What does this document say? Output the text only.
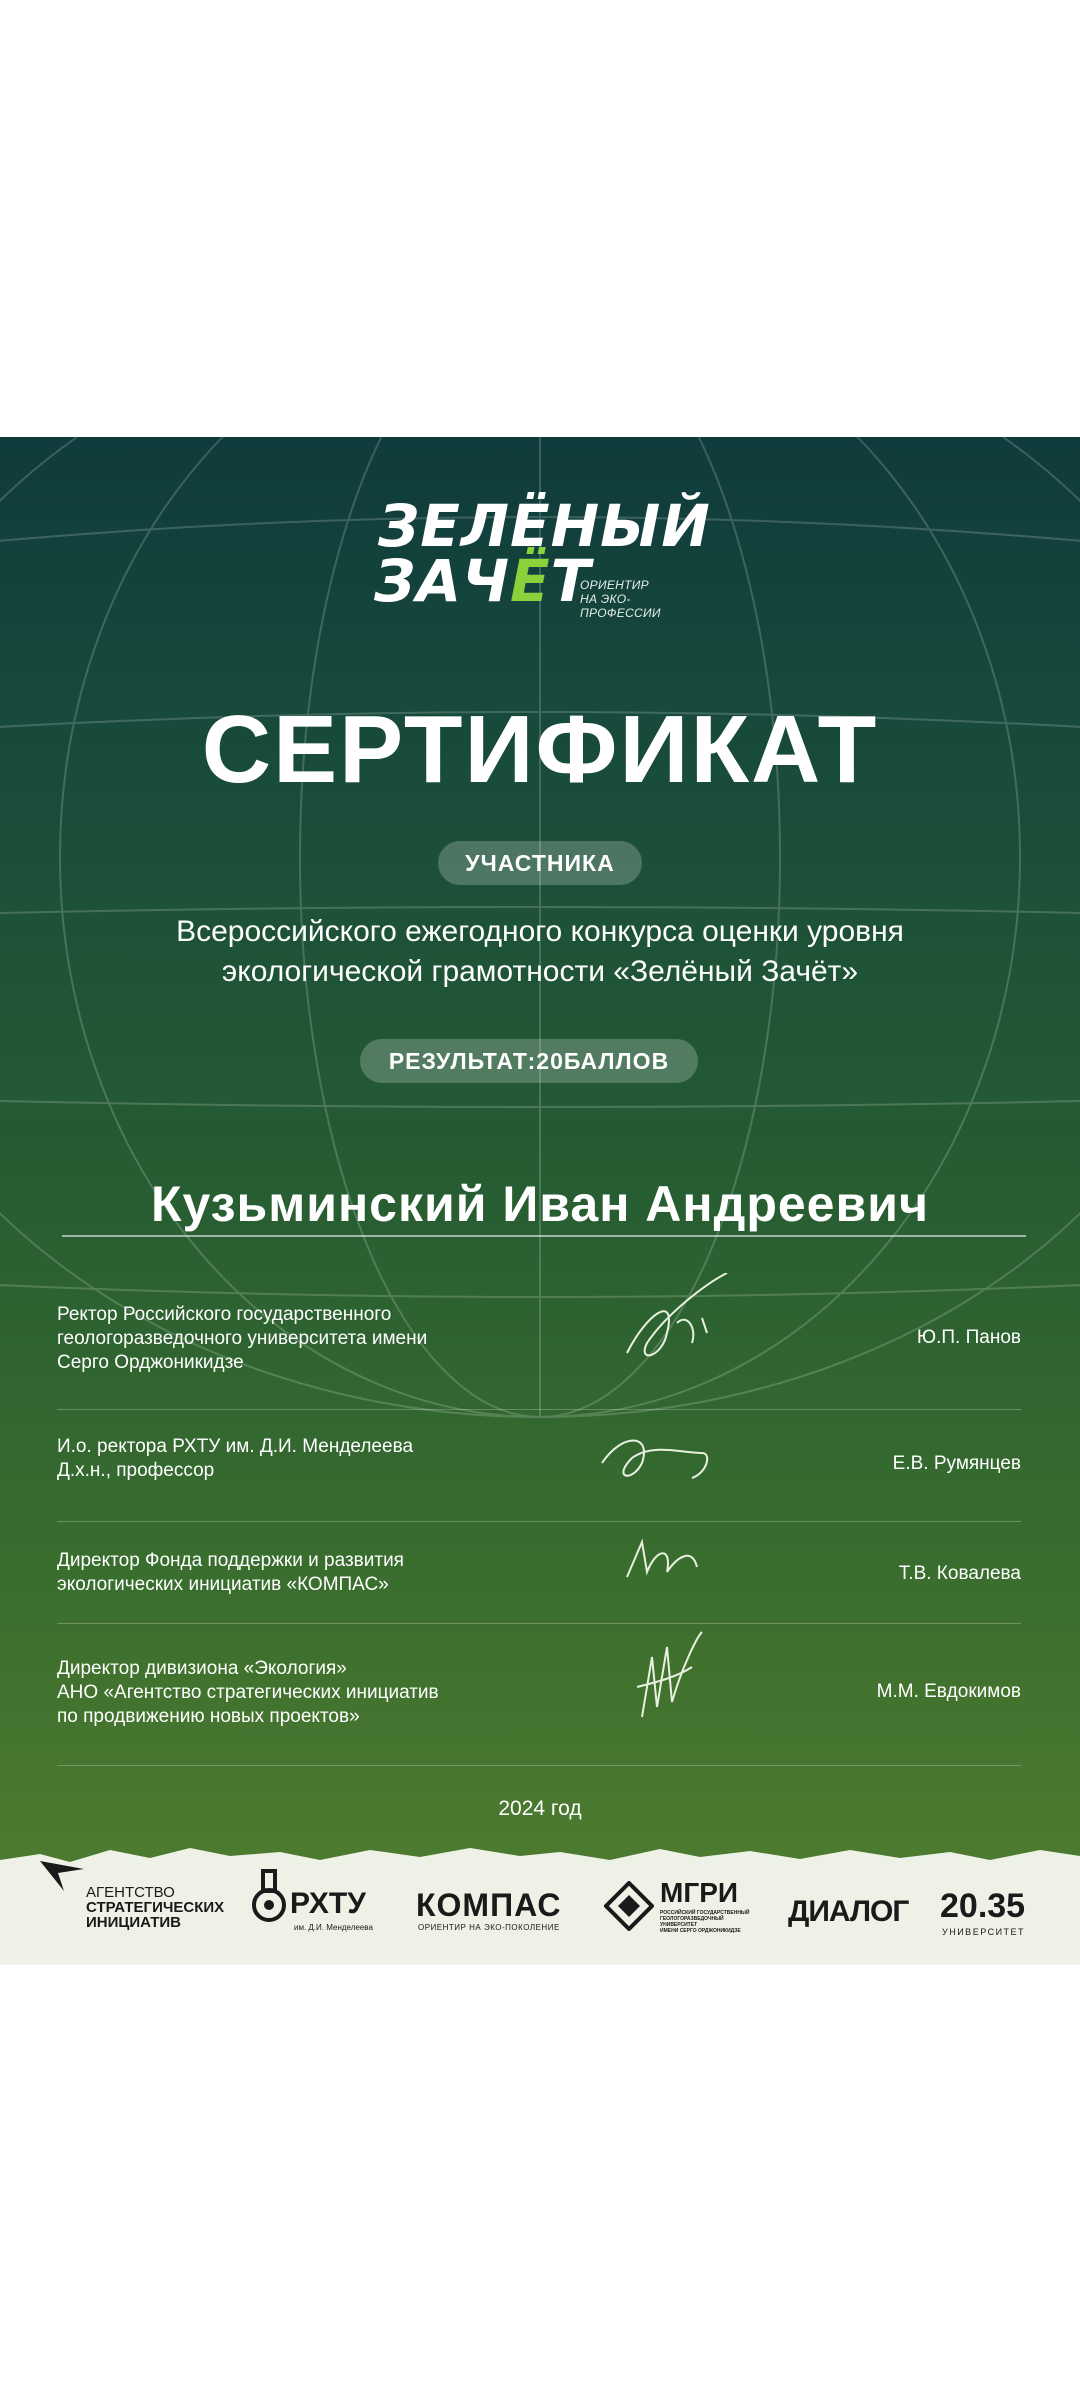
ЗЕЛЁНЫЙ
ЗАЧЁТ
ОРИЕНТИР
НА ЭКО-ПРОФЕССИИ
СЕРТИФИКАТ
УЧАСТНИКА
Всероссийского ежегодного конкурса оценки уровня
экологической грамотности «Зелёный Зачёт»
РЕЗУЛЬТАТ:20БАЛЛОВ
Кузьминский Иван Андреевич
Ректор Российского государственного
геологоразведочного университета имени
Серго Орджоникидзе
Ю.П. Панов
И.о. ректора РХТУ им. Д.И. Менделеева
Д.х.н., профессор	Е.В. Румянцев
Директор Фонда поддержки и развития
экологических инициатив «КОМПАС»
Т.В. Ковалева
Директор дивизиона «Экология»
АНО «Агентство стратегических инициатив
по продвижению новых проектов»
М.М. Евдокимов
2024 год
АГЕНТСТВО
СТРАТЕГИЧЕСКИХ
ИНИЦИАТИВ
РХТУ
им. Д.И. Менделеева
КОМПАС
ОРИЕНТИР НА ЭКО-ПОКОЛЕНИЕ
МГРИ
РОССИЙСКИЙ ГОСУДАРСТВЕННЫЙ
ГЕОЛОГОРАЗВЕДОЧНЫЙ УНИВЕРСИТЕТ
ИМЕНИ СЕРГО ОРДЖОНИКИДЗЕ
ДИАЛОГ 20.35
УНИВЕРСИТЕТ
